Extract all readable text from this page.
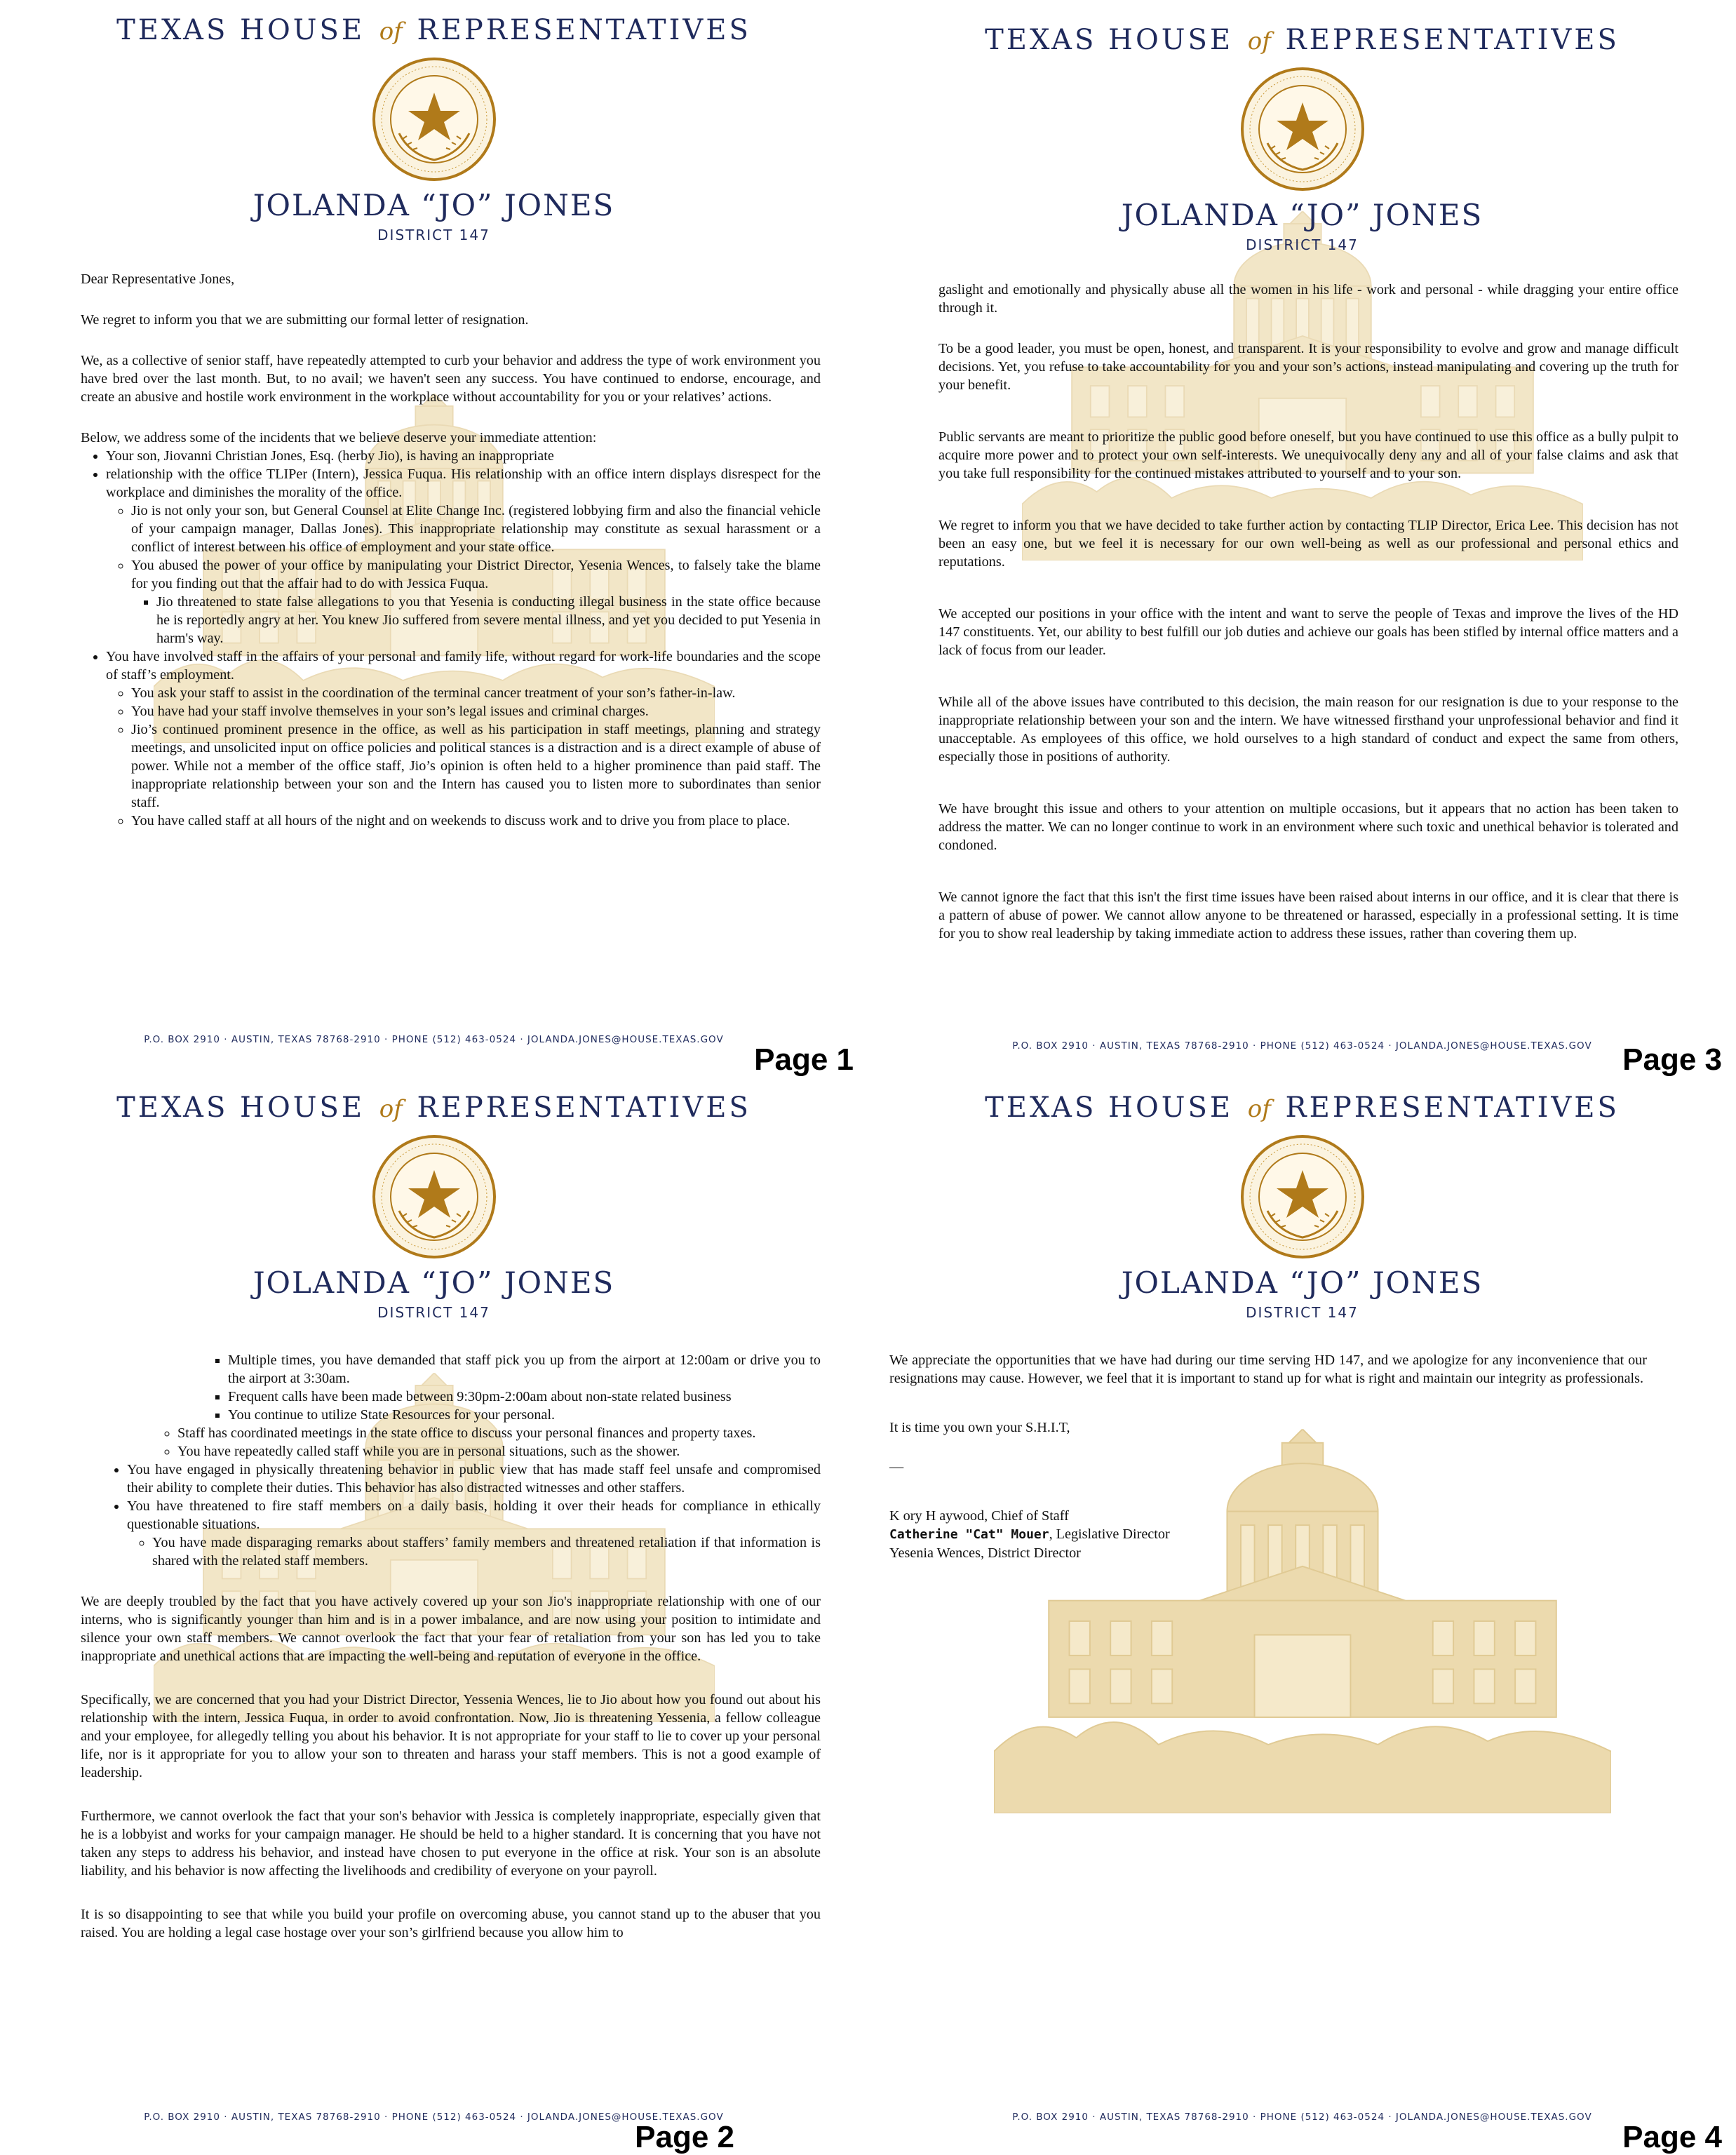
TEXAS HOUSE of REPRESENTATIVES
JOLANDA “JO” JONES
DISTRICT 147

Dear Representative Jones,

We regret to inform you that we are submitting our formal letter of resignation.

We, as a collective of senior staff, have repeatedly attempted to curb your behavior and address the type of work environment you have bred over the last month. But, to no avail; we haven't seen any success. You have continued to endorse, encourage, and create an abusive and hostile work environment in the workplace without accountability for you or your relatives’ actions.

Below, we address some of the incidents that we believe deserve your immediate attention:
• Your son, Jiovanni Christian Jones, Esq. (herby Jio), is having an inappropriate
• relationship with the office TLIPer (Intern), Jessica Fuqua. His relationship with an office intern displays disrespect for the workplace and diminishes the morality of the office.
◦ Jio is not only your son, but General Counsel at Elite Change Inc. (registered lobbying firm and also the financial vehicle of your campaign manager, Dallas Jones). This inappropriate relationship may constitute as sexual harassment or a conflict of interest between his office of employment and your state office.
◦ You abused the power of your office by manipulating your District Director, Yesenia Wences, to falsely take the blame for you finding out that the affair had to do with Jessica Fuqua.
▪ Jio threatened to state false allegations to you that Yesenia is conducting illegal business in the state office because he is reportedly angry at her. You knew Jio suffered from severe mental illness, and yet you decided to put Yesenia in harm's way.
• You have involved staff in the affairs of your personal and family life, without regard for work-life boundaries and the scope of staff’s employment.
◦ You ask your staff to assist in the coordination of the terminal cancer treatment of your son’s father-in-law.
◦ You have had your staff involve themselves in your son’s legal issues and criminal charges.
◦ Jio’s continued prominent presence in the office, as well as his participation in staff meetings, planning and strategy meetings, and unsolicited input on office policies and political stances is a distraction and is a direct example of abuse of power. While not a member of the office staff, Jio’s opinion is often held to a higher prominence than paid staff. The inappropriate relationship between your son and the Intern has caused you to listen more to subordinates than senior staff.
◦ You have called staff at all hours of the night and on weekends to discuss work and to drive you from place to place.
P.O. BOX 2910 · AUSTIN, TEXAS 78768-2910 · PHONE (512) 463-0524 · JOLANDA.JONES@HOUSE.TEXAS.GOV
Page 1
TEXAS HOUSE of REPRESENTATIVES
JOLANDA “JO” JONES
DISTRICT 147

gaslight and emotionally and physically abuse all the women in his life - work and personal - while dragging your entire office through it.

To be a good leader, you must be open, honest, and transparent. It is your responsibility to evolve and grow and manage difficult decisions. Yet, you refuse to take accountability for you and your son’s actions, instead manipulating and covering up the truth for your benefit.

Public servants are meant to prioritize the public good before oneself, but you have continued to use this office as a bully pulpit to acquire more power and to protect your own self-interests. We unequivocally deny any and all of your false claims and ask that you take full responsibility for the continued mistakes attributed to yourself and to your son.

We regret to inform you that we have decided to take further action by contacting TLIP Director, Erica Lee. This decision has not been an easy one, but we feel it is necessary for our own well-being as well as our professional and personal ethics and reputations.

We accepted our positions in your office with the intent and want to serve the people of Texas and improve the lives of the HD 147 constituents. Yet, our ability to best fulfill our job duties and achieve our goals has been stifled by internal office matters and a lack of focus from our leader.

While all of the above issues have contributed to this decision, the main reason for our resignation is due to your response to the inappropriate relationship between your son and the intern. We have witnessed firsthand your unprofessional behavior and find it unacceptable. As employees of this office, we hold ourselves to a high standard of conduct and expect the same from others, especially those in positions of authority.

We have brought this issue and others to your attention on multiple occasions, but it appears that no action has been taken to address the matter. We can no longer continue to work in an environment where such toxic and unethical behavior is tolerated and condoned.

We cannot ignore the fact that this isn't the first time issues have been raised about interns in our office, and it is clear that there is a pattern of abuse of power. We cannot allow anyone to be threatened or harassed, especially in a professional setting. It is time for you to show real leadership by taking immediate action to address these issues, rather than covering them up.

P.O. BOX 2910 · AUSTIN, TEXAS 78768-2910 · PHONE (512) 463-0524 · JOLANDA.JONES@HOUSE.TEXAS.GOV Page 3
TEXAS HOUSE of REPRESENTATIVES
JOLANDA “JO” JONES
DISTRICT 147
▪ Multiple times, you have demanded that staff pick you up from the airport at 12:00am or drive you to the airport at 3:30am.
▪ Frequent calls have been made between 9:30pm-2:00am about non-state related business
▪ You continue to utilize State Resources for your personal.
◦ Staff has coordinated meetings in the state office to discuss your personal finances and property taxes.
◦ You have repeatedly called staff while you are in personal situations, such as the shower.
• You have engaged in physically threatening behavior in public view that has made staff feel unsafe and compromised their ability to complete their duties. This behavior has also distracted witnesses and other staffers.
• You have threatened to fire staff members on a daily basis, holding it over their heads for compliance in ethically questionable situations.
◦ You have made disparaging remarks about staffers’ family members and threatened retaliation if that information is shared with the related staff members.

We are deeply troubled by the fact that you have actively covered up your son Jio's inappropriate relationship with one of our interns, who is significantly younger than him and is in a power imbalance, and are now using your position to intimidate and silence your own staff members. We cannot overlook the fact that your fear of retaliation from your son has led you to take inappropriate and unethical actions that are impacting the well-being and reputation of everyone in the office.

Specifically, we are concerned that you had your District Director, Yessenia Wences, lie to Jio about how you found out about his relationship with the intern, Jessica Fuqua, in order to avoid confrontation. Now, Jio is threatening Yessenia, a fellow colleague and your employee, for allegedly telling you about his behavior. It is not appropriate for your staff to lie to cover up your personal life, nor is it appropriate for you to allow your son to threaten and harass your staff members. This is not a good example of leadership.

Furthermore, we cannot overlook the fact that your son's behavior with Jessica is completely inappropriate, especially given that he is a lobbyist and works for your campaign manager. He should be held to a higher standard. It is concerning that you have not taken any steps to address his behavior, and instead have chosen to put everyone in the office at risk. Your son is an absolute liability, and his behavior is now affecting the livelihoods and credibility of everyone on your payroll.

It is so disappointing to see that while you build your profile on overcoming abuse, you cannot stand up to the abuser that you raised. You are holding a legal case hostage over your son’s girlfriend because you allow him to

P.O. BOX 2910 · AUSTIN, TEXAS 78768-2910 · PHONE (512) 463-0524 · JOLANDA.JONES@HOUSE.TEXAS.GOV
Page 2
TEXAS HOUSE of REPRESENTATIVES
JOLANDA “JO” JONES
DISTRICT 147

We appreciate the opportunities that we have had during our time serving HD 147, and we apologize for any inconvenience that our resignations may cause. However, we feel that it is important to stand up for what is right and maintain our integrity as professionals.

It is time you own your S.H.I.T,

—

K ory H aywood, Chief of Staff
Catherine "Cat" Mouer, Legislative Director
Yesenia Wences, District Director
P.O. BOX 2910 · AUSTIN, TEXAS 78768-2910 · PHONE (512) 463-0524 · JOLANDA.JONES@HOUSE.TEXAS.GOV
Page 4
